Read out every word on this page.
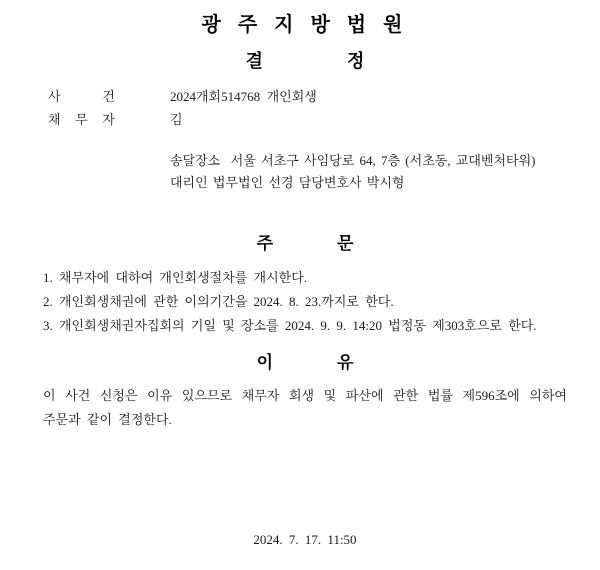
광 주 지 방 법 원
결	정
사 건	2024개회514768  개인회생
채 무 자	김
송달장소  서울 서초구 사임당로 64, 7층 (서초동, 교대벤처타워)
대리인 법무법인 선경 담당변호사 박시형
주	문
1. 채무자에 대하여 개인회생절차를 개시한다.
2. 개인회생채권에 관한 이의기간을 2024. 8. 23.까지로 한다.
3. 개인회생채권자집회의 기일 및 장소를 2024. 9. 9. 14:20 법정동 제303호으로 한다.
이	유
이 사건 신청은 이유 있으므로 채무자 회생 및 파산에 관한 법률 제596조에 의하여
주문과 같이 결정한다.
2024. 7. 17. 11:50
